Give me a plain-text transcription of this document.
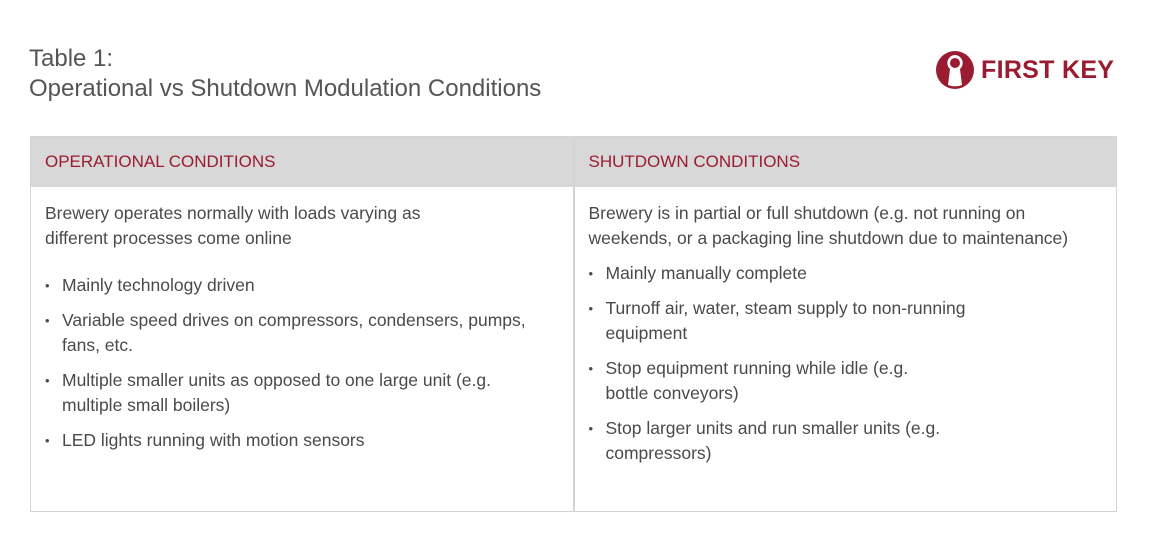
Table 1:
Operational vs Shutdown Modulation Conditions
FIRST KEY
OPERATIONAL CONDITIONS
Brewery operates normally with loads varying as different processes come online
• Mainly technology driven
• Variable speed drives on compressors, condensers, pumps, fans, etc.
• Multiple smaller units as opposed to one large unit (e.g. multiple small boilers)
• LED lights running with motion sensors
SHUTDOWN CONDITIONS
Brewery is in partial or full shutdown (e.g. not running on weekends, or a packaging line shutdown due to maintenance)
• Mainly manually complete
• Turnoff air, water, steam supply to non-running equipment
• Stop equipment running while idle (e.g. bottle conveyors)
• Stop larger units and run smaller units (e.g. compressors)
